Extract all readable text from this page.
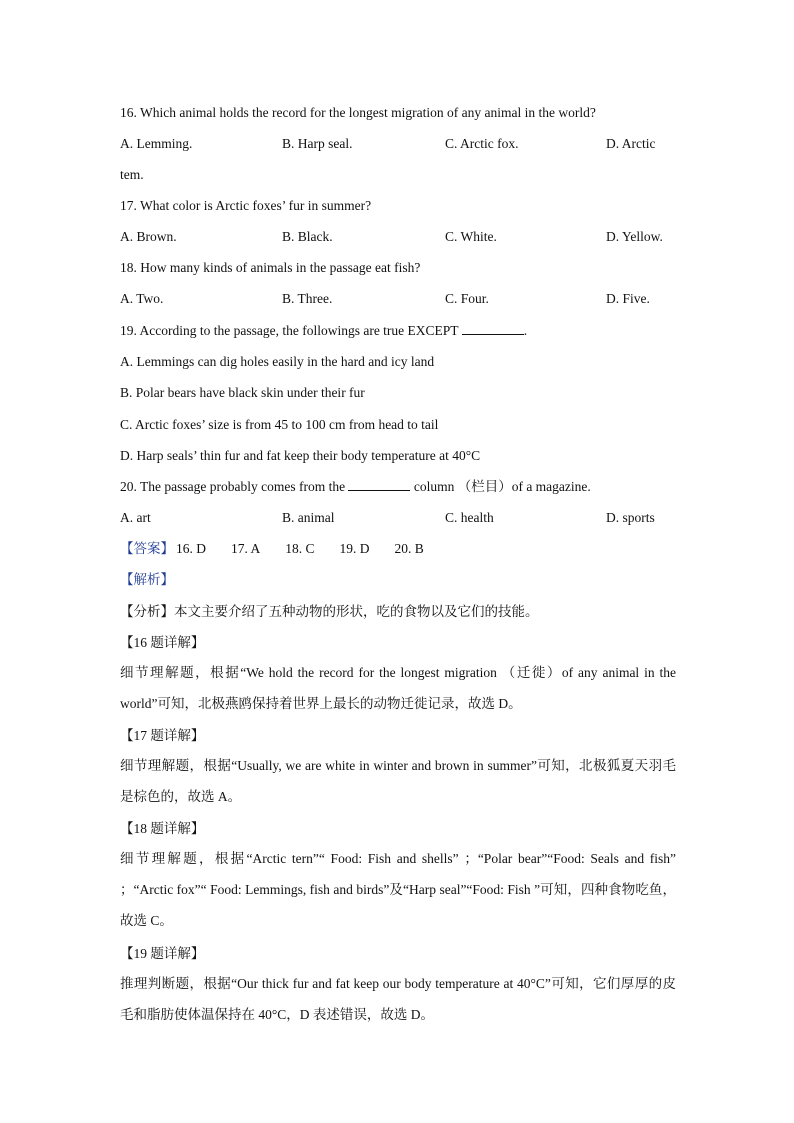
16. Which animal holds the record for the longest migration of any animal in the world?
A. Lemming.	B. Harp seal.	C. Arctic fox.	D. Arctic
tem.
17. What color is Arctic foxes’ fur in summer?
A. Brown.	B. Black.	C. White.	D. Yellow.
18. How many kinds of animals in the passage eat fish?
A. Two.	B. Three.	C. Four.	D. Five.
19. According to the passage, the followings are true EXCEPT	.
A. Lemmings can dig holes easily in the hard and icy land
B. Polar bears have black skin under their fur
C. Arctic foxes’ size is from 45 to 100 cm from head to tail
D. Harp seals’ thin fur and fat keep their body temperature at 40°C
20. The passage probably comes from the	column （栏目）of a magazine.
A. art	B. animal	C. health	D. sports
【答案】 16. D 17. A 18. C 19. D 20. B
【解析】
【分析】本文主要介绍了五种动物的形状，吃的食物以及它们的技能。
【16 题详解】
细节理解题，根据“We hold the record for the longest migration （迁徙）of any animal in the world”可知，北极燕鸥保持着世界上最长的动物迁徙记录，故选 D。
【17 题详解】
细节理解题，根据“Usually, we are white in winter and brown in summer”可知，北极狐夏天羽毛是棕色的，故选 A。
【18 题详解】
细节理解题，根据“Arctic tern”“ Food: Fish and shells” ；“Polar bear”“Food: Seals and fish” ；“Arctic fox”“ Food: Lemmings, fish and birds”及“Harp seal”“Food: Fish ”可知，四种食物吃鱼，故选 C。
【19 题详解】
推理判断题，根据“Our thick fur and fat keep our body temperature at 40°C”可知，它们厚厚的皮毛和脂肪使体温保持在 40°C，D 表述错误，故选 D。
